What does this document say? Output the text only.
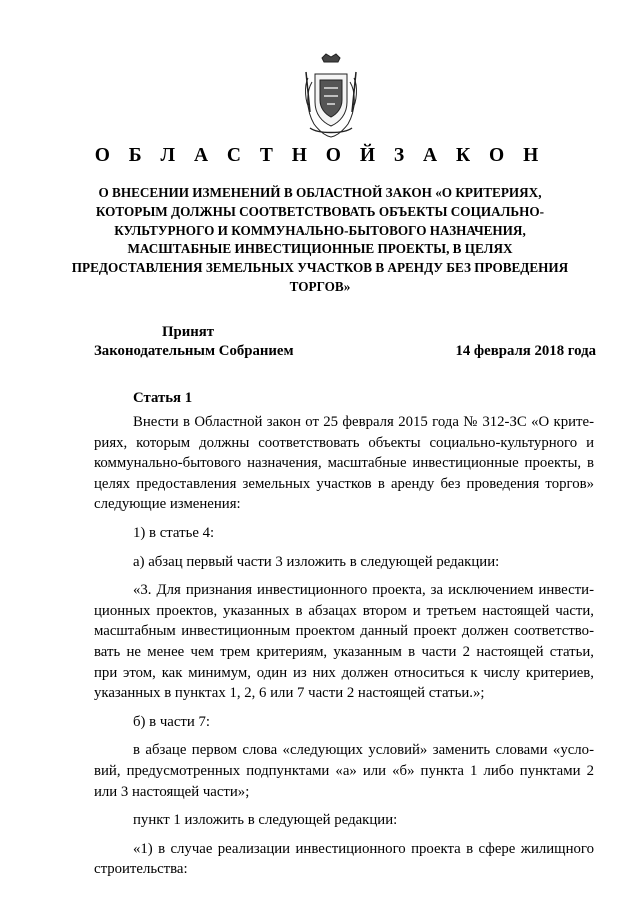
О Б Л А С Т Н О Й З А К О Н
О ВНЕСЕНИИ ИЗМЕНЕНИЙ В ОБЛАСТНОЙ ЗАКОН «О КРИТЕРИЯХ,
КОТОРЫМ ДОЛЖНЫ СООТВЕТСТВОВАТЬ ОБЪЕКТЫ СОЦИАЛЬНО-
КУЛЬТУРНОГО И КОММУНАЛЬНО-БЫТОВОГО НАЗНАЧЕНИЯ,
МАСШТАБНЫЕ ИНВЕСТИЦИОННЫЕ ПРОЕКТЫ, В ЦЕЛЯХ
ПРЕДОСТАВЛЕНИЯ ЗЕМЕЛЬНЫХ УЧАСТКОВ В АРЕНДУ БЕЗ ПРОВЕДЕНИЯ
ТОРГОВ»
Принят
Законодательным Собранием	14 февраля 2018 года
Статья 1
Внести в Областной закон от 25 февраля 2015 года № 312-ЗС «О крите-
риях, которым должны соответствовать объекты социально-культурного и
коммунально-бытового назначения, масштабные инвестиционные проекты, в
целях предоставления земельных участков в аренду без проведения торгов»
следующие изменения:
1) в статье 4:
а) абзац первый части 3 изложить в следующей редакции:
«3. Для признания инвестиционного проекта, за исключением инвести-
ционных проектов, указанных в абзацах втором и третьем настоящей части,
масштабным инвестиционным проектом данный проект должен соответство-
вать не менее чем трем критериям, указанным в части 2 настоящей статьи,
при этом, как минимум, один из них должен относиться к числу критериев,
указанных в пунктах 1, 2, 6 или 7 части 2 настоящей статьи.»;
б) в части 7:
в абзаце первом слова «следующих условий» заменить словами «усло-
вий, предусмотренных подпунктами «а» или «б» пункта 1 либо пунктами 2
или 3 настоящей части»;
пункт 1 изложить в следующей редакции:
«1) в случае реализации инвестиционного проекта в сфере жилищного
строительства:
